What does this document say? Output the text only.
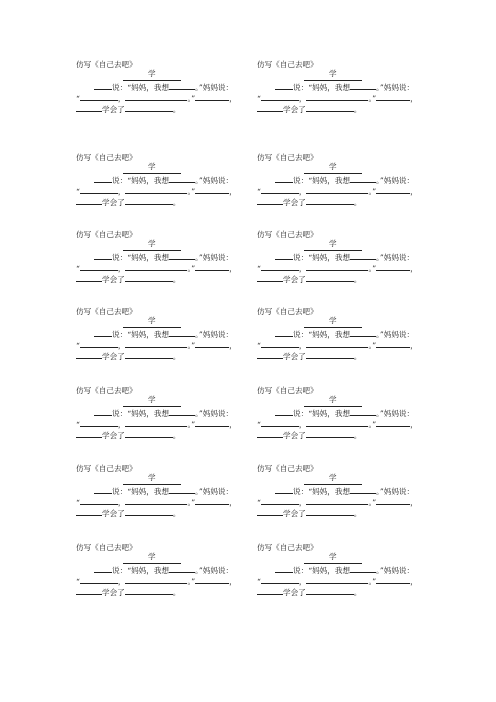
仿写《自己去吧》
学
说：“妈妈，我想	。”妈妈说：
“	，	。”	，
学会了	。
仿写《自己去吧》
学
说：“妈妈，我想	。”妈妈说：
“	，	。”	，
学会了	。
仿写《自己去吧》
学
说：“妈妈，我想	。”妈妈说：
“	，	。”	，
学会了	。
仿写《自己去吧》
学
说：“妈妈，我想	。”妈妈说：
“	，	。”	，
学会了	。
仿写《自己去吧》
学
说：“妈妈，我想	。”妈妈说：
“	，	。”	，
学会了	。
仿写《自己去吧》
学
说：“妈妈，我想	。”妈妈说：
“	，	。”	，
学会了	。
仿写《自己去吧》
学
说：“妈妈，我想	。”妈妈说：
“	，	。”	，
学会了	。
仿写《自己去吧》
学
说：“妈妈，我想	。”妈妈说：
“	，	。”	，
学会了	。
仿写《自己去吧》
学
说：“妈妈，我想	。”妈妈说：
“	，	。”	，
学会了	。
仿写《自己去吧》
学
说：“妈妈，我想	。”妈妈说：
“	，	。”	，
学会了	。
仿写《自己去吧》
学
说：“妈妈，我想	。”妈妈说：
“	，	。”	，
学会了	。
仿写《自己去吧》
学
说：“妈妈，我想	。”妈妈说：
“	，	。”	，
学会了	。
仿写《自己去吧》
学
说：“妈妈，我想	。”妈妈说：
“	，	。”	，
学会了	。
仿写《自己去吧》
学
说：“妈妈，我想	。”妈妈说：
“	，	。”	，
学会了	。
